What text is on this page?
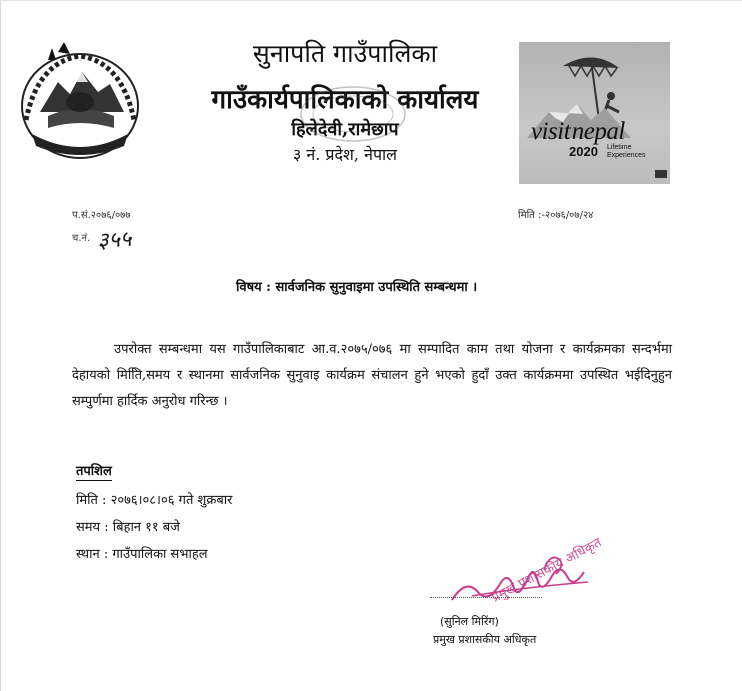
सुनापति गाउँपालिका
गाउँकार्यपालिकाको कार्यालय
हिलेदेवी,रामेछाप
३ नं. प्रदेश, नेपाल
visit nepal
2020 Lifetime
Experiences
प.सं.२०७६/०७७
च.नं. ३५५
मिति :-२०७६/०७/२४
विषय : सार्वजनिक सुनुवाइमा उपस्थिति सम्बन्धमा ।
उपरोक्त सम्बन्धमा यस गाउँपालिकाबाट आ.व.२०७५/०७६ मा सम्पादित काम तथा योजना र कार्यक्रमका सन्दर्भमा देहायको मितिि,समय र स्थानमा सार्वजनिक सुनुवाइ कार्यक्रम संचालन हुने भएको हुदाँ उक्त कार्यक्रममा उपस्थित भईदिनुहुन सम्पुर्णमा हार्दिक अनुरोध गरिन्छ ।
तपशिल
मिति : २०७६।०८।०६ गते शुक्रबार
समय : बिहान ११ बजे
स्थान : गाउँपालिका सभाहल	प्रमुख प्रशासकीय अधिकृत
(सुनिल मिरिंग)
प्रमुख प्रशासकीय अधिकृत
